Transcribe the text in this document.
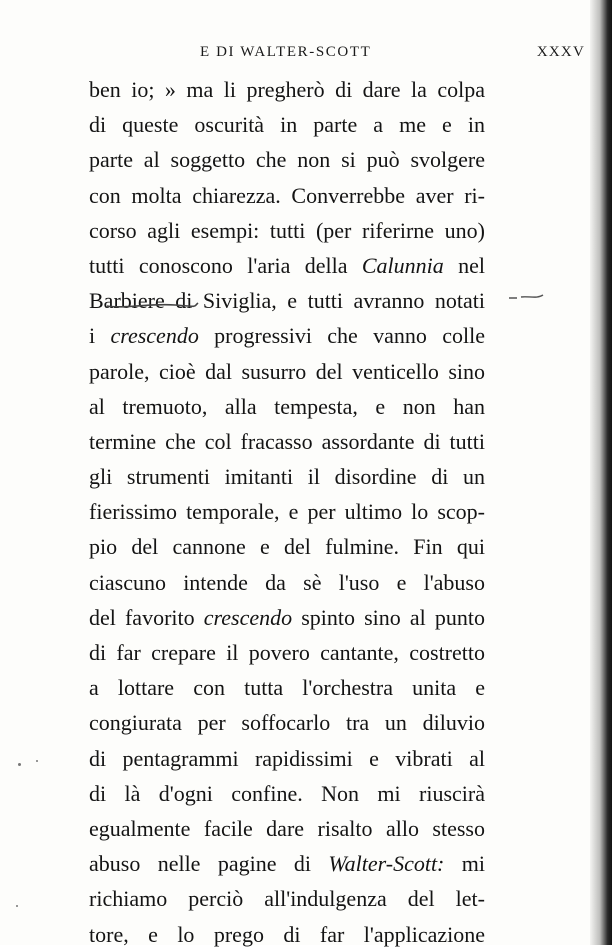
E DI WALTER-SCOTT	XXXV
ben io; » ma li pregherò di dare la colpa
di queste oscurità in parte a me e in
parte al soggetto che non si può svolgere
con molta chiarezza. Converrebbe aver ri-
corso agli esempi: tutti (per riferirne uno)
tutti conoscono l'aria della Calunnia nel
Barbiere di Siviglia, e tutti avranno notati
i crescendo progressivi che vanno colle
parole, cioè dal susurro del venticello sino
al tremuoto, alla tempesta, e non han
termine che col fracasso assordante di tutti
gli strumenti imitanti il disordine di un
fierissimo temporale, e per ultimo lo scop-
pio del cannone e del fulmine. Fin qui
ciascuno intende da sè l'uso e l'abuso
del favorito crescendo spinto sino al punto
di far crepare il povero cantante, costretto
a lottare con tutta l'orchestra unita e
congiurata per soffocarlo tra un diluvio
di pentagrammi rapidissimi e vibrati al
di là d'ogni confine. Non mi riuscirà
egualmente facile dare risalto allo stesso
abuso nelle pagine di Walter-Scott: mi
richiamo perciò all'indulgenza del let-
tore, e lo prego di far l'applicazione
